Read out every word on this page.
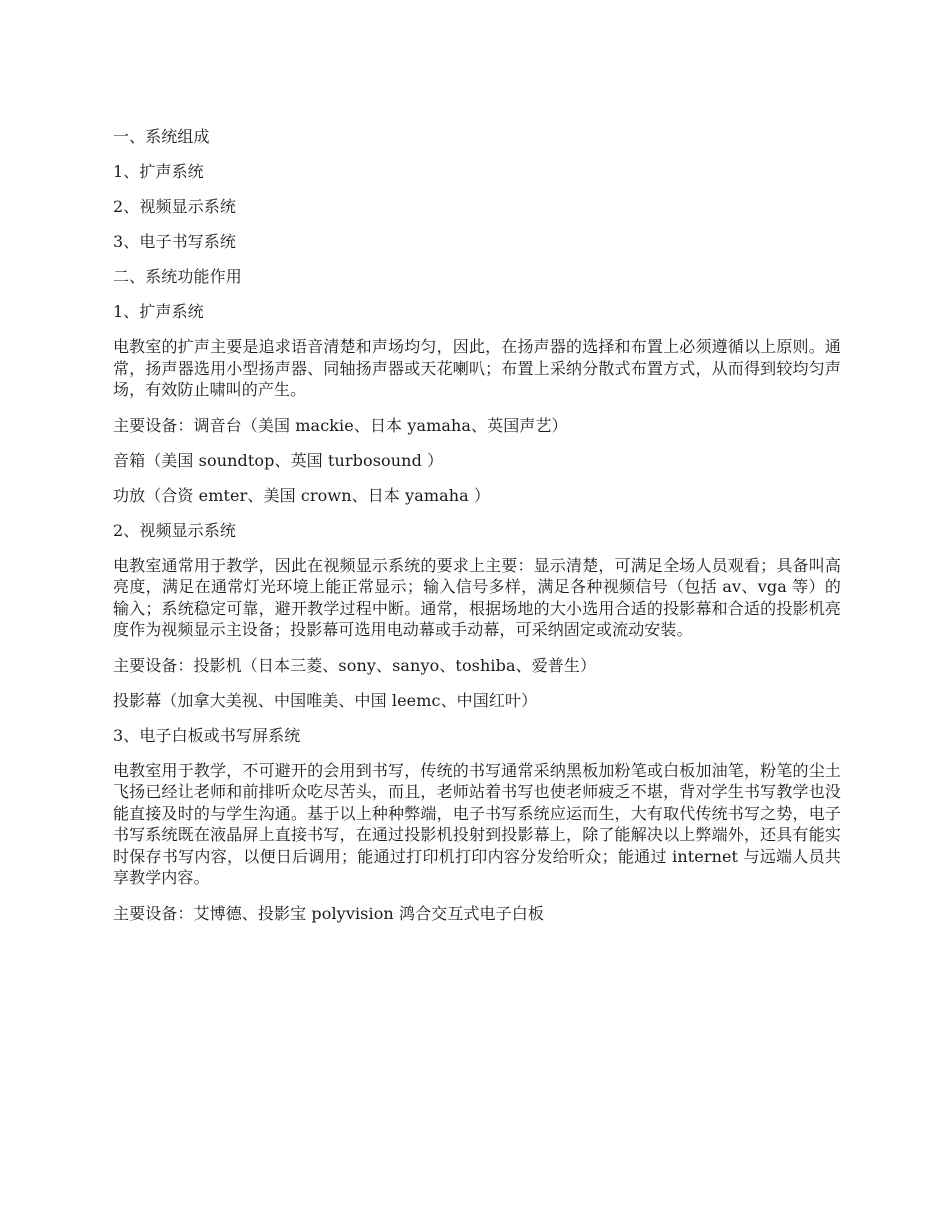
一、系统组成

1、扩声系统

2、视频显示系统

3、电子书写系统

二、系统功能作用

1、扩声系统

电教室的扩声主要是追求语音清楚和声场均匀，因此，在扬声器的选择和布置上必须遵循以上原则。通常，扬声器选用小型扬声器、同轴扬声器或天花喇叭；布置上采纳分散式布置方式，从而得到较均匀声场，有效防止啸叫的产生。

主要设备：调音台（美国 mackie、日本 yamaha、英国声艺）

音箱（美国 soundtop、英国 turbosound ）

功放（合资 emter、美国 crown、日本 yamaha ）

2、视频显示系统

电教室通常用于教学，因此在视频显示系统的要求上主要：显示清楚，可满足全场人员观看；具备叫高亮度，满足在通常灯光环境上能正常显示；输入信号多样，满足各种视频信号（包括 av、vga 等）的输入；系统稳定可靠，避开教学过程中断。通常，根据场地的大小选用合适的投影幕和合适的投影机亮度作为视频显示主设备；投影幕可选用电动幕或手动幕，可采纳固定或流动安装。

主要设备：投影机（日本三菱、sony、sanyo、toshiba、爱普生）

投影幕（加拿大美视、中国唯美、中国 leemc、中国红叶）

3、电子白板或书写屏系统

电教室用于教学，不可避开的会用到书写，传统的书写通常采纳黑板加粉笔或白板加油笔，粉笔的尘土飞扬已经让老师和前排听众吃尽苦头，而且，老师站着书写也使老师疲乏不堪，背对学生书写教学也没能直接及时的与学生沟通。基于以上种种弊端，电子书写系统应运而生，大有取代传统书写之势，电子书写系统既在液晶屏上直接书写，在通过投影机投射到投影幕上，除了能解决以上弊端外，还具有能实时保存书写内容，以便日后调用；能通过打印机打印内容分发给听众；能通过 internet 与远端人员共享教学内容。

主要设备：艾博德、投影宝 polyvision 鸿合交互式电子白板
